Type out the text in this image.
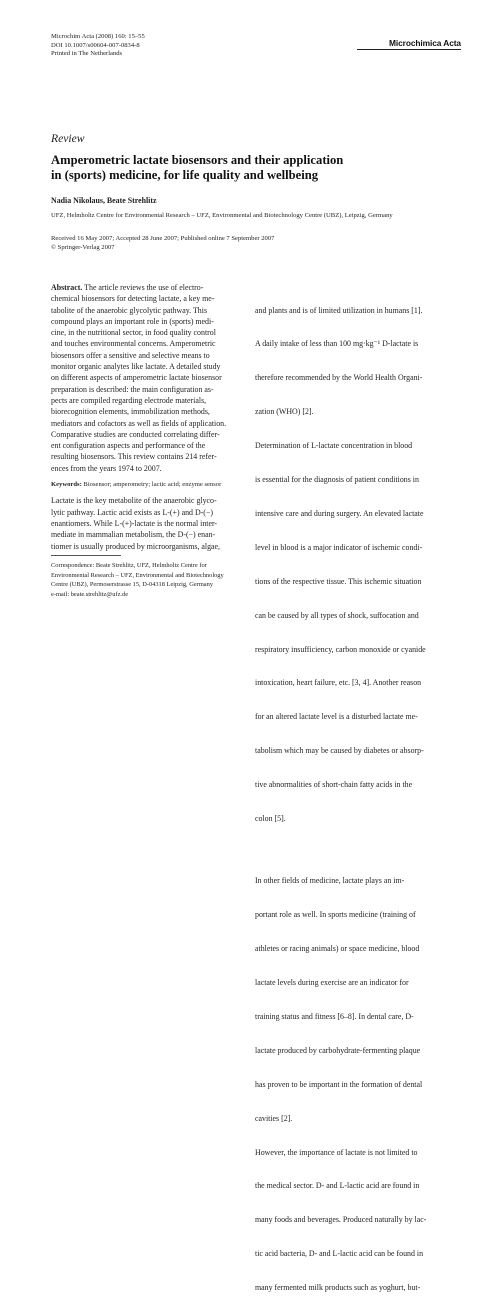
Microchim Acta (2008) 160: 15–55
DOI 10.1007/s00604-007-0834-8
Printed in The Netherlands
Microchimica Acta
Review
Amperometric lactate biosensors and their application
in (sports) medicine, for life quality and wellbeing
Nadia Nikolaus, Beate Strehlitz
UFZ, Helmholtz Centre for Environmental Research – UFZ, Environmental and Biotechnology Centre (UBZ), Leipzig, Germany
Received 16 May 2007; Accepted 28 June 2007; Published online 7 September 2007
© Springer-Verlag 2007
Abstract. The article reviews the use of electro-
chemical biosensors for detecting lactate, a key me-
tabolite of the anaerobic glycolytic pathway. This
compound plays an important role in (sports) medi-
cine, in the nutritional sector, in food quality control
and touches environmental concerns. Amperometric
biosensors offer a sensitive and selective means to
monitor organic analytes like lactate. A detailed study
on different aspects of amperometric lactate biosensor
preparation is described: the main configuration as-
pects are compiled regarding electrode materials,
biorecognition elements, immobilization methods,
mediators and cofactors as well as fields of application.
Comparative studies are conducted correlating differ-
ent configuration aspects and performance of the
resulting biosensors. This review contains 214 refer-
ences from the years 1974 to 2007.
Keywords: Biosensor; amperometry; lactic acid; enzyme sensor
Lactate is the key metabolite of the anaerobic glyco-
lytic pathway. Lactic acid exists as L-(+) and D-(−)
enantiomers. While L-(+)-lactate is the normal inter-
mediate in mammalian metabolism, the D-(−) enan-
tiomer is usually produced by microorganisms, algae,
Correspondence: Beate Strehlitz, UFZ, Helmholtz Centre for
Environmental Research – UFZ, Environmental and Biotechnology
Centre (UBZ), Permoserstrasse 15, D-04318 Leipzig, Germany
e-mail: beate.strehlitz@ufz.de

and plants and is of limited utilization in humans [1].

A daily intake of less than 100 mg·kg⁻¹ D-lactate is

therefore recommended by the World Health Organi-

zation (WHO) [2].

Determination of L-lactate concentration in blood

is essential for the diagnosis of patient conditions in

intensive care and during surgery. An elevated lactate

level in blood is a major indicator of ischemic condi-

tions of the respective tissue. This ischemic situation

can be caused by all types of shock, suffocation and

respiratory insufficiency, carbon monoxide or cyanide

intoxication, heart failure, etc. [3, 4]. Another reason

for an altered lactate level is a disturbed lactate me-

tabolism which may be caused by diabetes or absorp-

tive abnormalities of short-chain fatty acids in the

colon [5].

In other fields of medicine, lactate plays an im-

portant role as well. In sports medicine (training of

athletes or racing animals) or space medicine, blood

lactate levels during exercise are an indicator for

training status and fitness [6–8]. In dental care, D-

lactate produced by carbohydrate-fermenting plaque

has proven to be important in the formation of dental

cavities [2].

However, the importance of lactate is not limited to

the medical sector. D- and L-lactic acid are found in

many foods and beverages. Produced naturally by lac-

tic acid bacteria, D- and L-lactic acid can be found in

many fermented milk products such as yoghurt, but-
